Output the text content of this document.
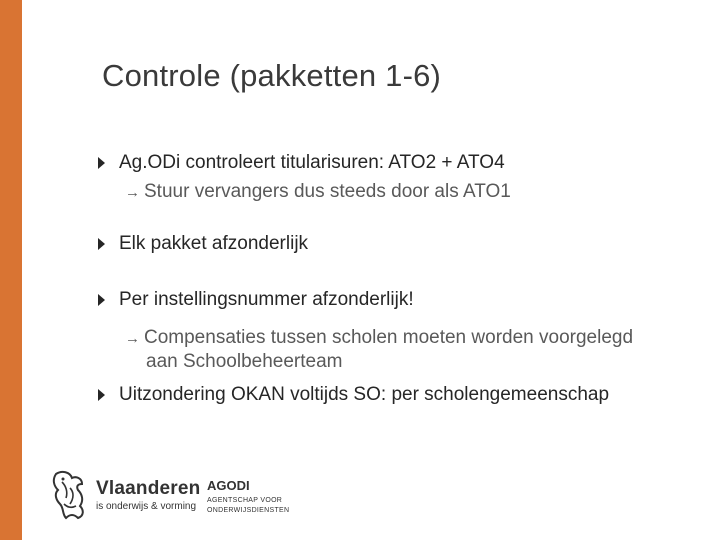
Controle (pakketten 1-6)
Ag.ODi controleert titularisuren: ATO2 + ATO4
→ Stuur vervangers dus steeds door als ATO1
Elk pakket afzonderlijk
Per instellingsnummer afzonderlijk!
→ Compensaties tussen scholen moeten worden voorgelegd
aan Schoolbeheerteam
Uitzondering OKAN voltijds SO: per scholengemeenschap
Vlaanderen
is onderwijs & vorming
AGODI
AGENTSCHAP VOOR
ONDERWIJSDIENSTEN
